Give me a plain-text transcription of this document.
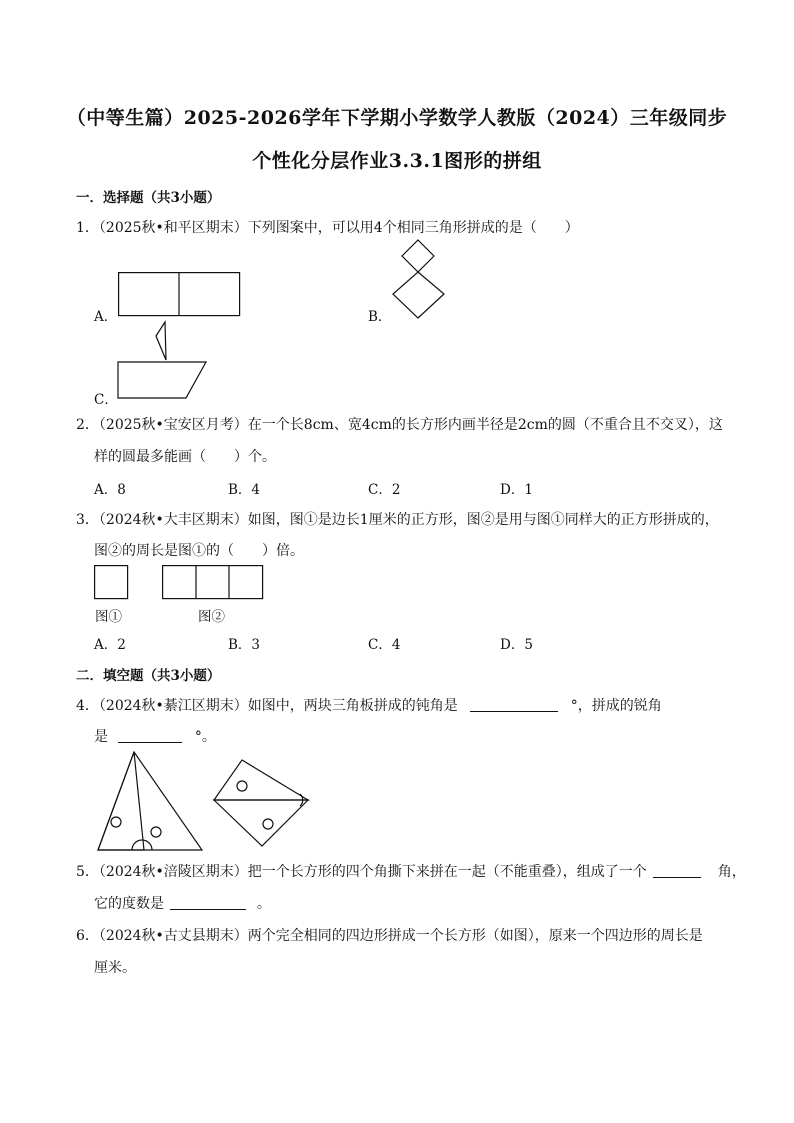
（中等生篇）2025-2026学年下学期小学数学人教版（2024）三年级同步
个性化分层作业3.3.1图形的拼组
一．选择题（共3小题）
1．（2025秋•和平区期末）下列图案中，可以用4个相同三角形拼成的是（　　）
A．	B．
C．
2．（2025秋•宝安区月考）在一个长8cm、宽4cm的长方形内画半径是2cm的圆（不重合且不交叉），这
样的圆最多能画（　　）个。
A．8	B．4	C．2	D．1
3．（2024秋•大丰区期末）如图，图①是边长1厘米的正方形，图②是用与图①同样大的正方形拼成的，
图②的周长是图①的（　　）倍。
图①	图②
A．2	B．3	C．4	D．5
二．填空题（共3小题）
4．（2024秋•綦江区期末）如图中，两块三角板拼成的钝角是	°，拼成的锐角
是	°。
5．（2024秋•涪陵区期末）把一个长方形的四个角撕下来拼在一起（不能重叠），组成了一个	角，
它的度数是	。
6．（2024秋•古丈县期末）两个完全相同的四边形拼成一个长方形（如图），原来一个四边形的周长是
厘米。
